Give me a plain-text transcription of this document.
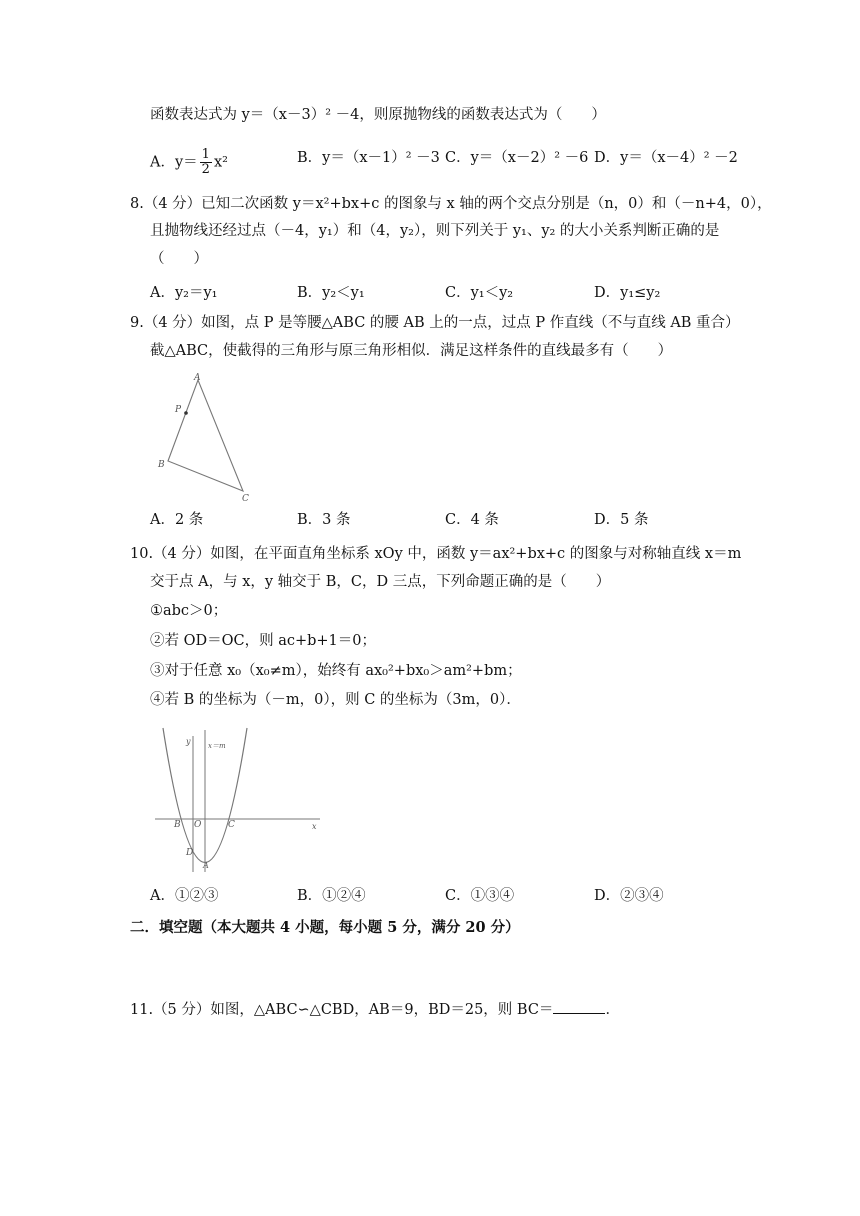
函数表达式为 y＝（x－3）² －4，则原抛物线的函数表达式为（　　）
A．$y= \frac{1}{2} x^2$	B．y＝（x－1）² －3 C．y＝（x－2）² －6 D．y＝（x－4）² －2
8.（4 分）已知二次函数 y＝x²+bx+c 的图象与 x 轴的两个交点分别是（n，0）和（－n+4，0），
且抛物线还经过点（－4，y₁）和（4，y₂），则下列关于 y₁、y₂ 的大小关系判断正确的是
（　　）
A．y₂＝y₁	B．y₂＜y₁	C．y₁＜y₂	D．y₁≤y₂
9.（4 分）如图，点 P 是等腰△ABC 的腰 AB 上的一点，过点 P 作直线（不与直线 AB 重合）
截△ABC，使截得的三角形与原三角形相似．满足这样条件的直线最多有（　　）
A
P
B
C
A．2 条	B．3 条	C．4 条	D．5 条
10.（4 分）如图，在平面直角坐标系 xOy 中，函数 y＝ax²+bx+c 的图象与对称轴直线 x＝m
交于点 A，与 x，y 轴交于 B，C，D 三点，下列命题正确的是（　　）
①abc＞0；
②若 OD＝OC，则 ac+b+1＝0；
③对于任意 x₀（x₀≠m），始终有 ax₀²+bx₀＞am²+bm；
④若 B 的坐标为（－m，0），则 C 的坐标为（3m，0）．
y x＝m
B O	C
D
A
x
A．①②③	B．①②④	C．①③④	D．②③④
二．填空题（本大题共 4 小题，每小题 5 分，满分 20 分）
11.（5 分）如图，△ABC∽△CBD，AB＝9，BD＝25，则 BC＝	．
